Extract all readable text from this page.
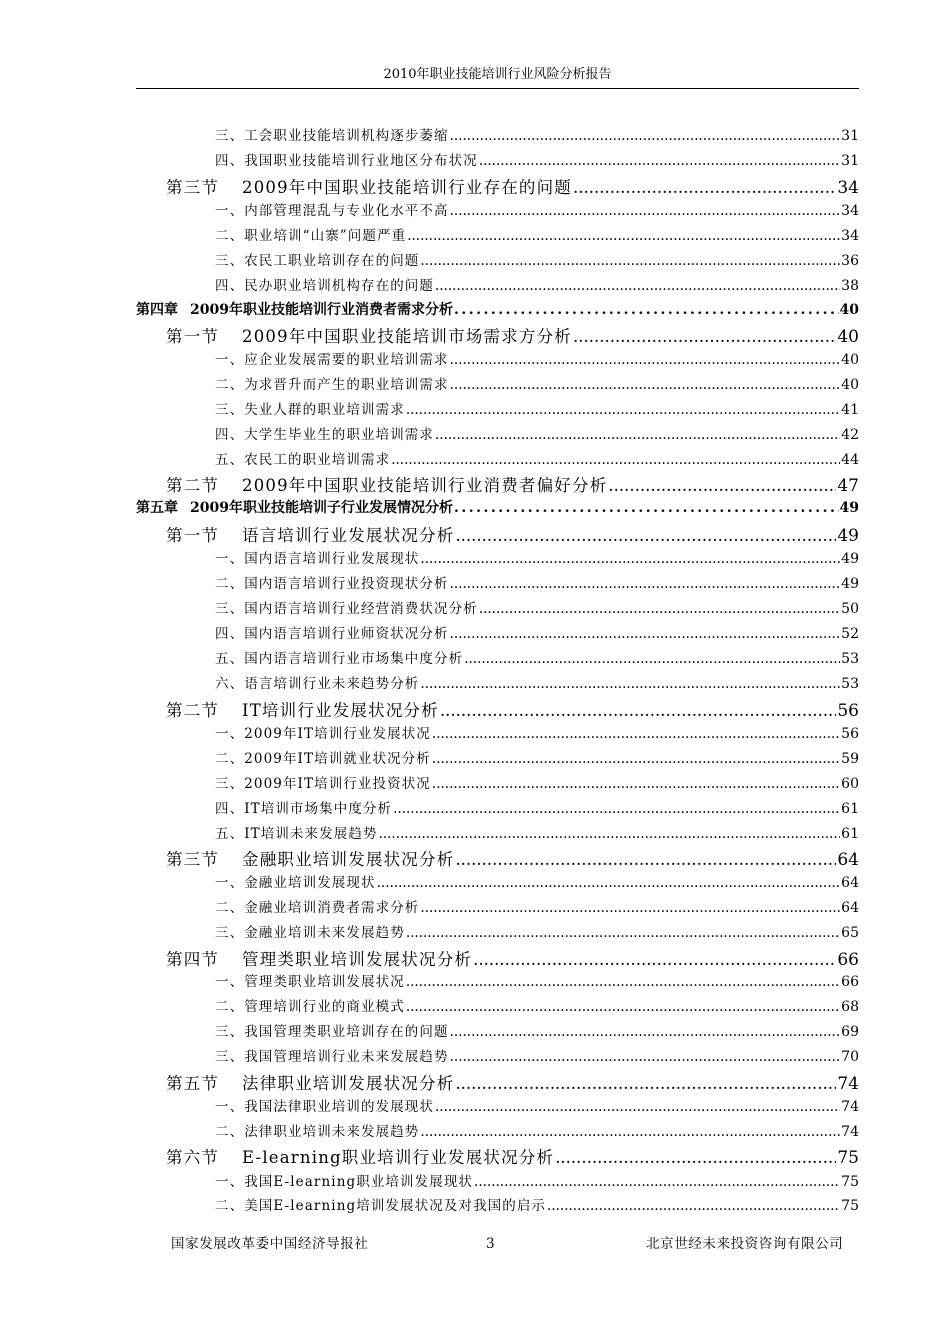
2010年职业技能培训行业风险分析报告
三、工会职业技能培训机构逐步萎缩 .....	31
四、我国职业技能培训行业地区分布状况 .....	31
第三节 2009年中国职业技能培训行业存在的问题 .....	34
一、内部管理混乱与专业化水平不高 .....	34
二、职业培训“山寨”问题严重 .....	34
三、农民工职业培训存在的问题 .....	36
四、民办职业培训机构存在的问题 .....	38
第四章 2009年职业技能培训行业消费者需求分析 .....	40
第一节 2009年中国职业技能培训市场需求方分析 .....	40
一、应企业发展需要的职业培训需求 .....	40
二、为求晋升而产生的职业培训需求 .....	40
三、失业人群的职业培训需求 .....	41
四、大学生毕业生的职业培训需求 .....	42
五、农民工的职业培训需求 .....	44
第二节 2009年中国职业技能培训行业消费者偏好分析 .....	47
第五章 2009年职业技能培训子行业发展情况分析 .....	49
第一节 语言培训行业发展状况分析 .....	49
一、国内语言培训行业发展现状 .....	49
二、国内语言培训行业投资现状分析 .....	49
三、国内语言培训行业经营消费状况分析 .....	50
四、国内语言培训行业师资状况分析 .....	52
五、国内语言培训行业市场集中度分析 .....	53
六、语言培训行业未来趋势分析 .....	53
第二节 IT培训行业发展状况分析 .....	56
一、2009年IT培训行业发展状况 .....	56
二、2009年IT培训就业状况分析 .....	59
三、2009年IT培训行业投资状况 .....	60
四、IT培训市场集中度分析 .....	61
五、IT培训未来发展趋势 .....	61
第三节 金融职业培训发展状况分析 .....	64
一、金融业培训发展现状 .....	64
二、金融业培训消费者需求分析 .....	64
三、金融业培训未来发展趋势 .....	65
第四节 管理类职业培训发展状况分析 .....	66
一、管理类职业培训发展状况 .....	66
二、管理培训行业的商业模式 .....	68
三、我国管理类职业培训存在的问题 .....	69
三、我国管理培训行业未来发展趋势 .....	70
第五节 法律职业培训发展状况分析 .....	74
一、我国法律职业培训的发展现状 .....	74
二、法律职业培训未来发展趋势 .....	74
第六节 E-learning职业培训行业发展状况分析 .....	75
一、我国E-learning职业培训发展现状 .....	75
二、美国E-learning培训发展状况及对我国的启示 .....	75
国家发展改革委中国经济导报社	3	北京世经未来投资咨询有限公司
